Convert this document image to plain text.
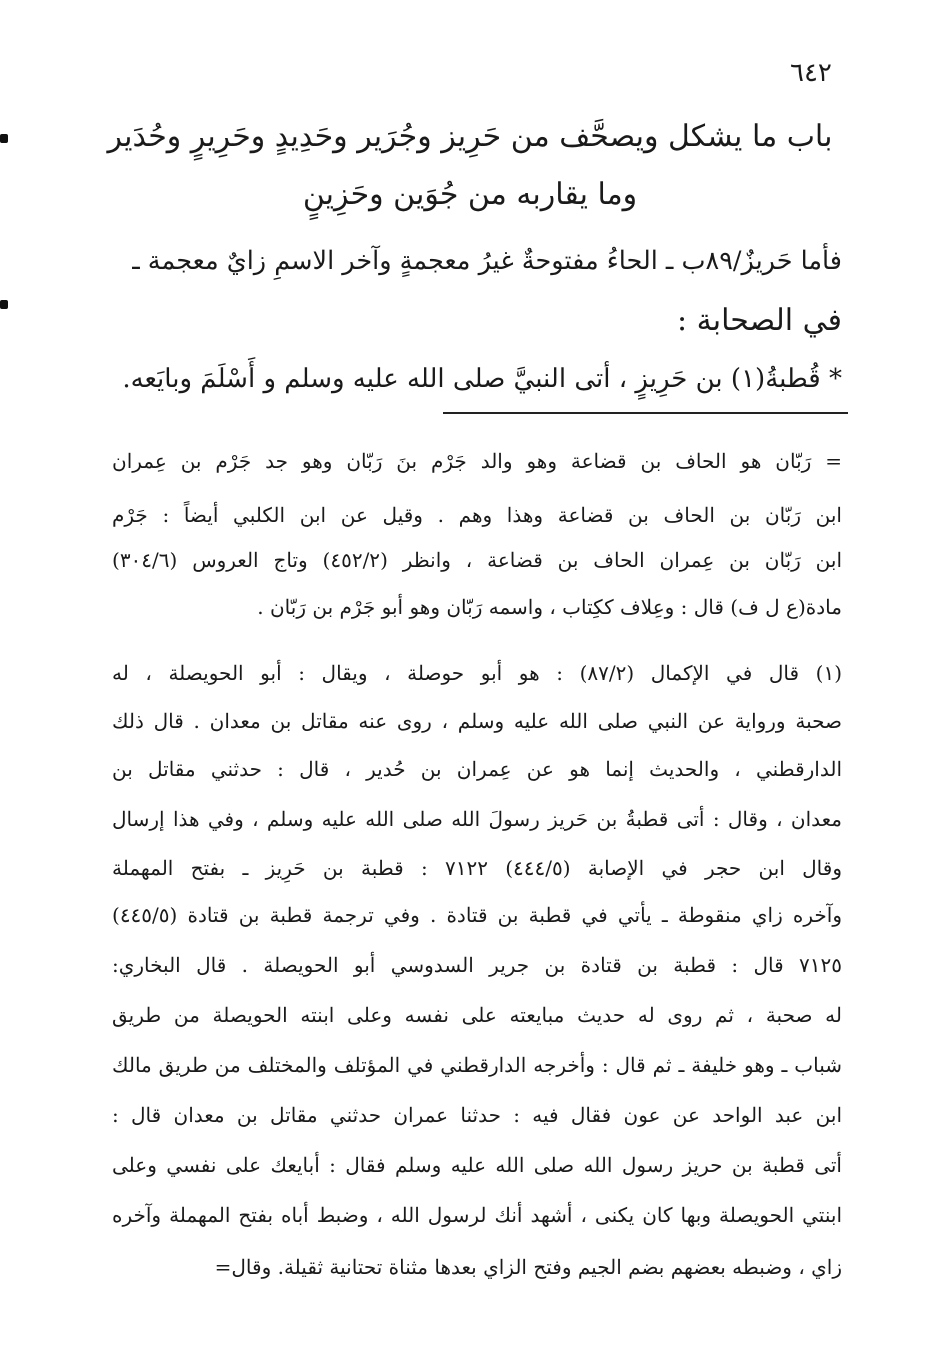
٦٤٢
باب ما يشكل ويصحَّف من حَرِيز وجُرَير وحَدِيدٍ وحَرِيرٍ وحُدَير
وما يقاربه من جُوَين وحَزِينٍ
فأما حَريزٌ/٨٩ب ـ الحاءُ مفتوحةٌ غيرُ معجمةٍ وآخر الاسمِ زايٌ معجمة ـ
في الصحابة :
* قُطبةُ(١) بن حَرِيزٍ ، أتى النبيَّ صلى الله عليه وسلم و أَسْلَمَ وبايَعه.
= رَبّان هو الحاف بن قضاعة وهو والد جَرْم بنَ رَبّان وهو جد جَرْم بن عِمران
ابن رَبّان بن الحاف بن قضاعة وهذا وهم . وقيل عن ابن الكلبي أيضاً : جَرْم
ابن رَبّان بن عِمران الحاف بن قضاعة ، وانظر (٤٥٢/٢) وتاج العروس (٣٠٤/٦)
مادة(ع ل ف) قال : وعِلاف ككِتاب ، واسمه رَبّان وهو أبو جَرْم بن رَبّان .
(١) قال في الإكمال (٨٧/٢) : هو أبو حوصلة ، ويقال : أبو الحويصلة ، له
صحبة ورواية عن النبي صلى الله عليه وسلم ، روى عنه مقاتل بن معدان . قال ذلك
الدارقطني ، والحديث إنما هو عن عِمران بن حُدير ، قال : حدثني مقاتل بن
معدان ، وقال : أتى قطبةُ بن حَريز رسولَ الله صلى الله عليه وسلم ، وفي هذا إرسال
وقال ابن حجر في الإصابة (٤٤٤/٥) ٧١٢٢ : قطبة بن حَرِيز ـ بفتح المهملة
وآخره زاي منقوطة ـ يأتي في قطبة بن قتادة . وفي ترجمة قطبة بن قتادة (٤٤٥/٥)
٧١٢٥ قال : قطبة بن قتادة بن جرير السدوسي أبو الحويصلة . قال البخاري:
له صحبة ، ثم روى له حديث مبايعته على نفسه وعلى ابنته الحويصلة من طريق
شباب ـ وهو خليفة ـ ثم قال : وأخرجه الدارقطني في المؤتلف والمختلف من طريق مالك
ابن عبد الواحد عن عون فقال فيه : حدثنا عمران حدثني مقاتل بن معدان قال :
أتى قطبة بن حريز رسول الله صلى الله عليه وسلم فقال : أبايعك على نفسي وعلى
ابنتي الحويصلة وبها كان يكنى ، أشهد أنك لرسول الله ، وضبط أباه بفتح المهملة وآخره
زاي ، وضبطه بعضهم بضم الجيم وفتح الزاي بعدها مثناة تحتانية ثقيلة. وقال=
